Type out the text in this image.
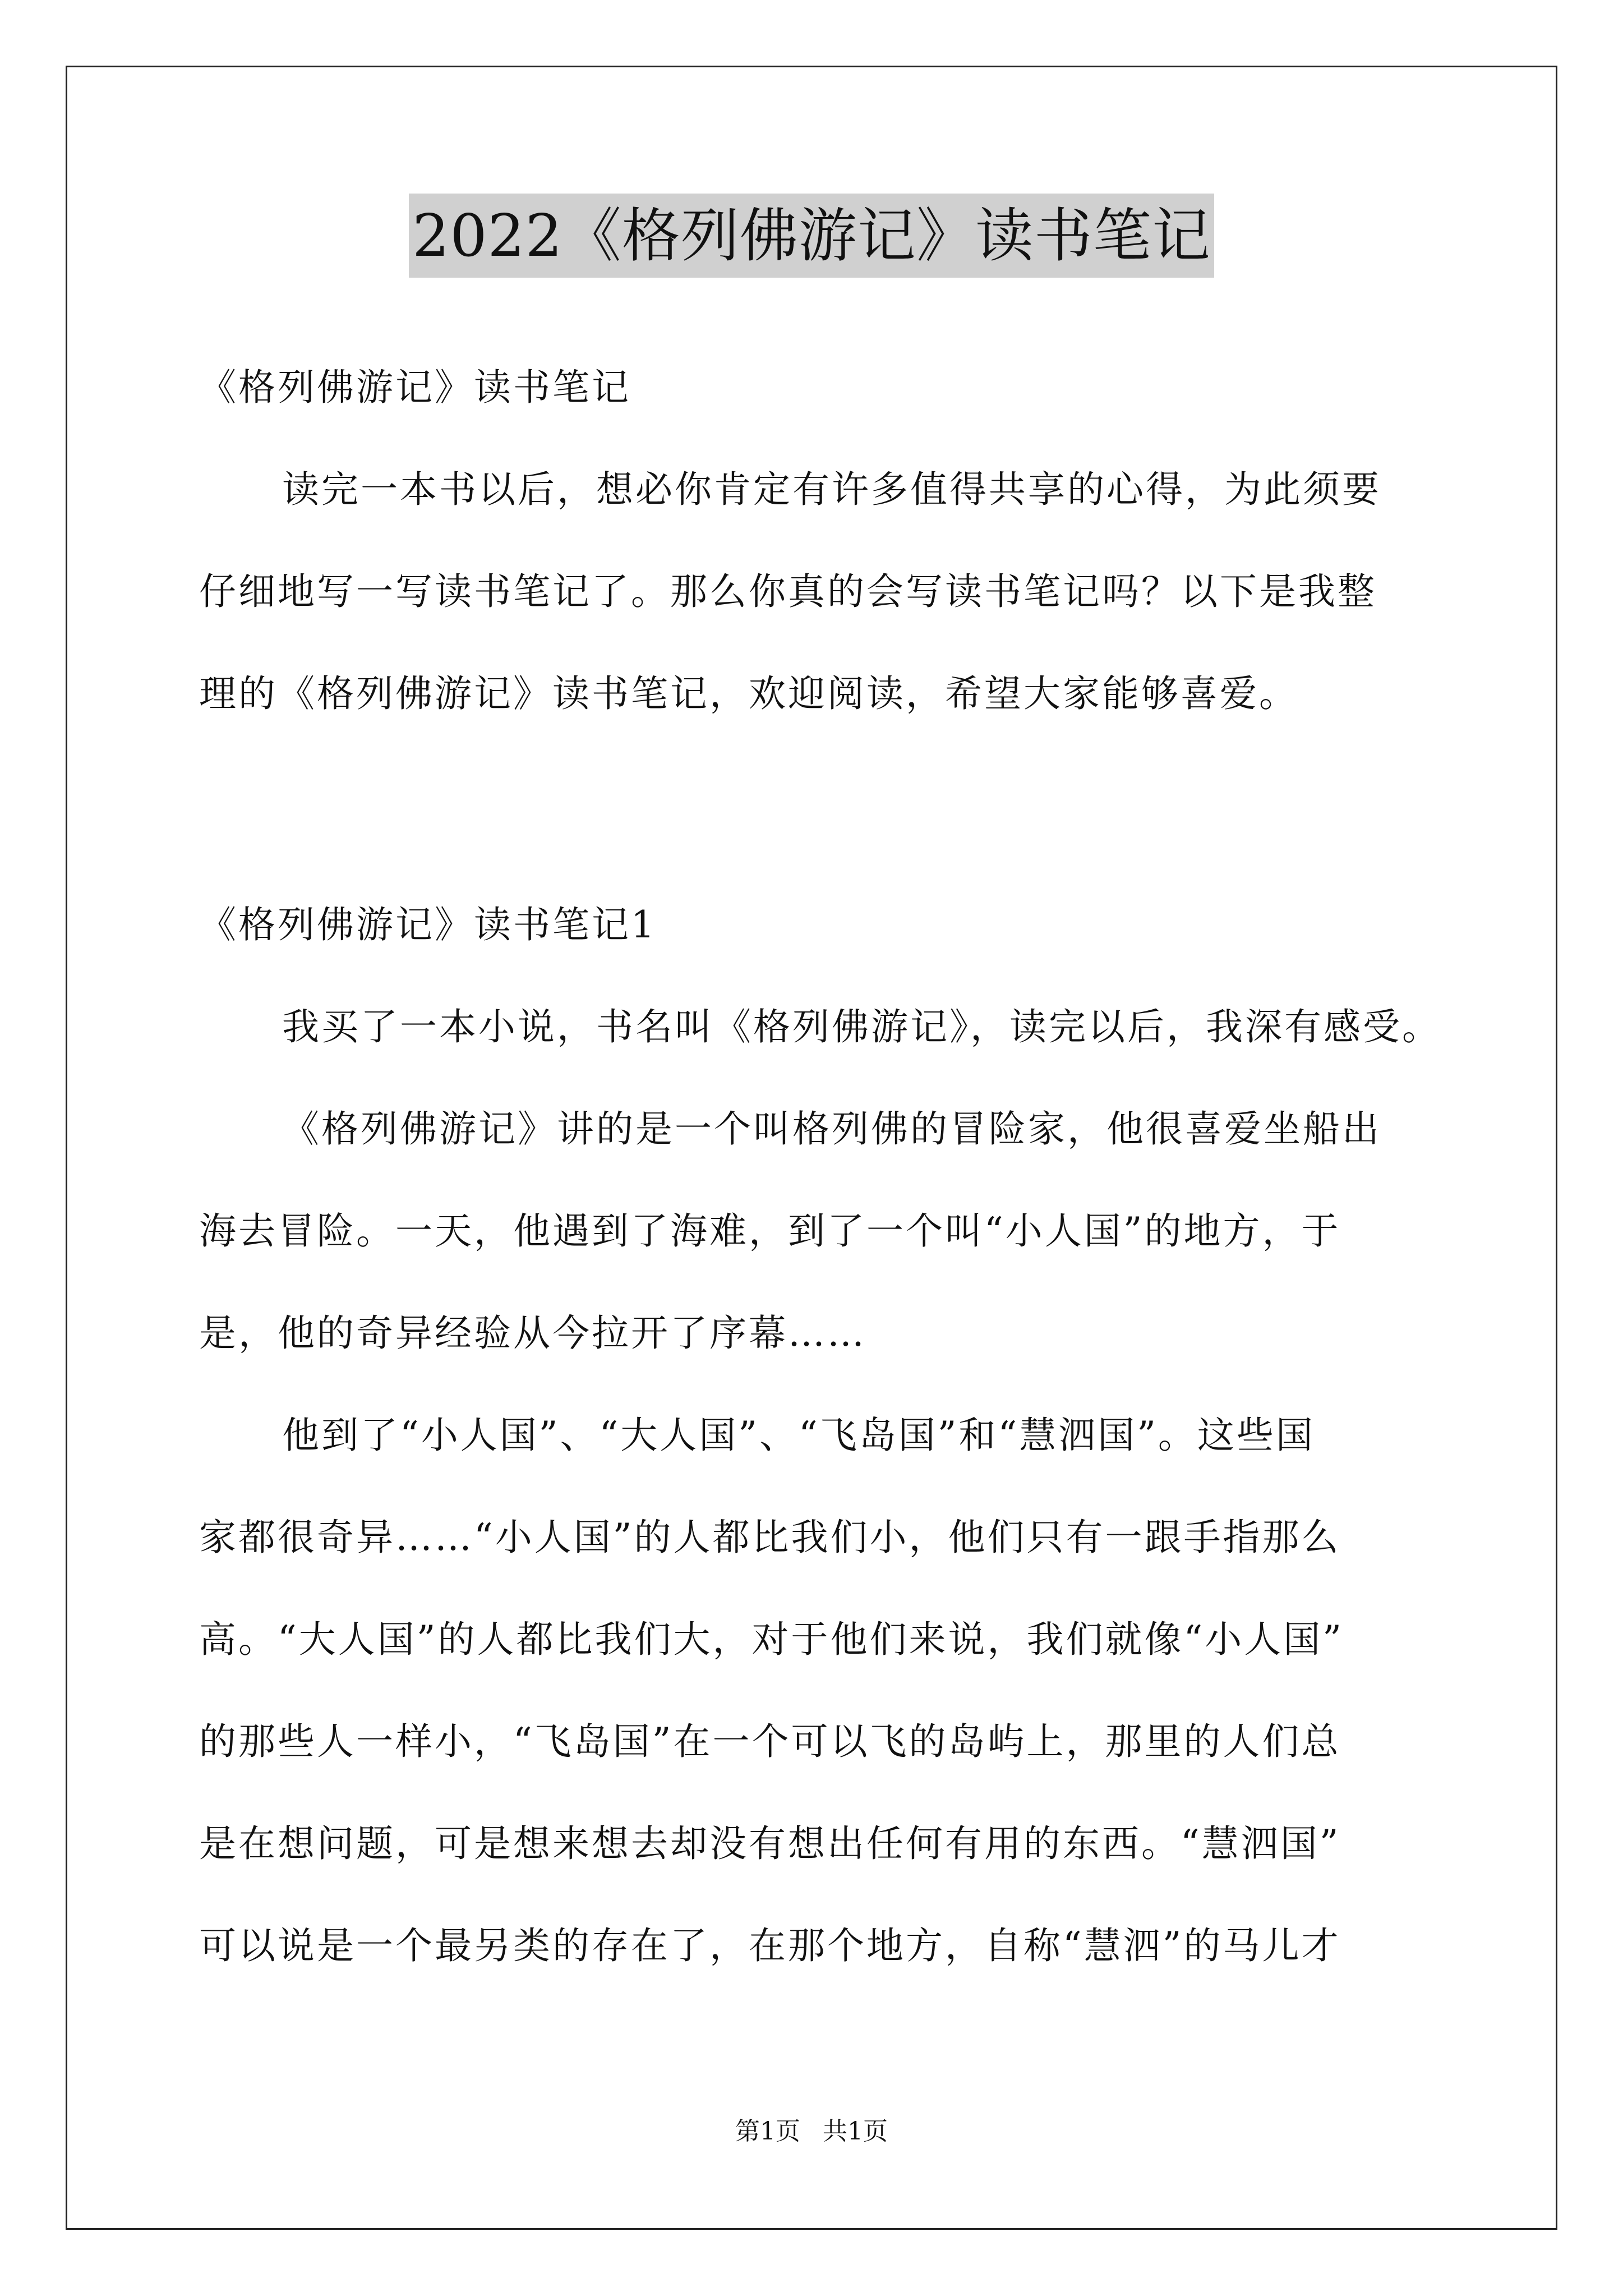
2022《格列佛游记》读书笔记
《格列佛游记》读书笔记
读完一本书以后，想必你肯定有许多值得共享的心得，为此须要
仔细地写一写读书笔记了。那么你真的会写读书笔记吗？以下是我整
理的《格列佛游记》读书笔记，欢迎阅读，希望大家能够喜爱。
《格列佛游记》读书笔记1
我买了一本小说，书名叫《格列佛游记》，读完以后，我深有感受。
《格列佛游记》讲的是一个叫格列佛的冒险家，他很喜爱坐船出
海去冒险。一天，他遇到了海难，到了一个叫“小人国”的地方，于
是，他的奇异经验从今拉开了序幕……
他到了“小人国”、“大人国”、“飞岛国”和“慧泗国”。这些国
家都很奇异……“小人国”的人都比我们小，他们只有一跟手指那么
高。“大人国”的人都比我们大，对于他们来说，我们就像“小人国”
的那些人一样小，“飞岛国”在一个可以飞的岛屿上，那里的人们总
是在想问题，可是想来想去却没有想出任何有用的东西。“慧泗国”
可以说是一个最另类的存在了，在那个地方，自称“慧泗”的马儿才
第1页 共1页
